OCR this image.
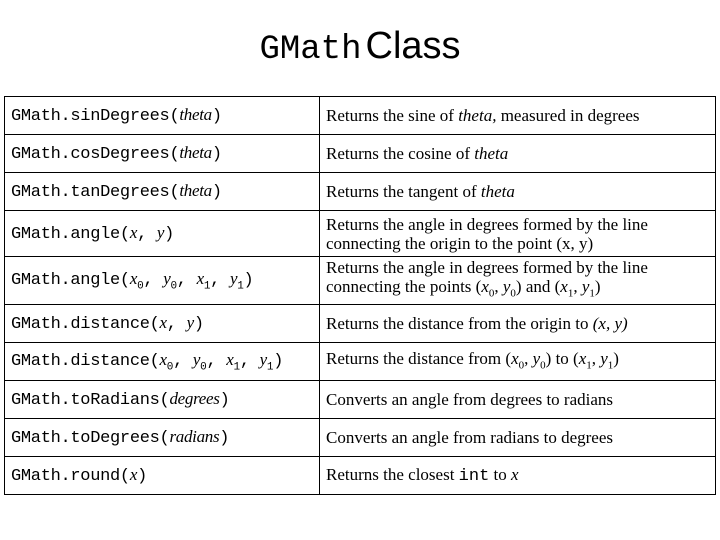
GMath Class
GMath.sinDegrees(theta)	Returns the sine of theta, measured in degrees
GMath.cosDegrees(theta)	Returns the cosine of theta
GMath.tanDegrees(theta)	Returns the tangent of theta
GMath.angle(x, y)	Returns the angle in degrees formed by the line connecting the origin to the point (x, y)
$GMath.angle(x_0$, $y_0$, $x_1$, $y_1$)	Returns the angle in degrees formed by the line connecting the points ($x_0$, $y_0$) and ($x_1$, $y_1$)
GMath.distance(x, y)	Returns the distance from the origin to (x, y)
$GMath.distance(x_0$, $y_0$, $x_1$, $y_1$)	Returns the distance from ($x_0$, $y_0$) to ($x_1$, $y_1$)
GMath.toRadians(degrees)	Converts an angle from degrees to radians
GMath.toDegrees(radians)	Converts an angle from radians to degrees
GMath.round(x)	Returns the closest int to x
